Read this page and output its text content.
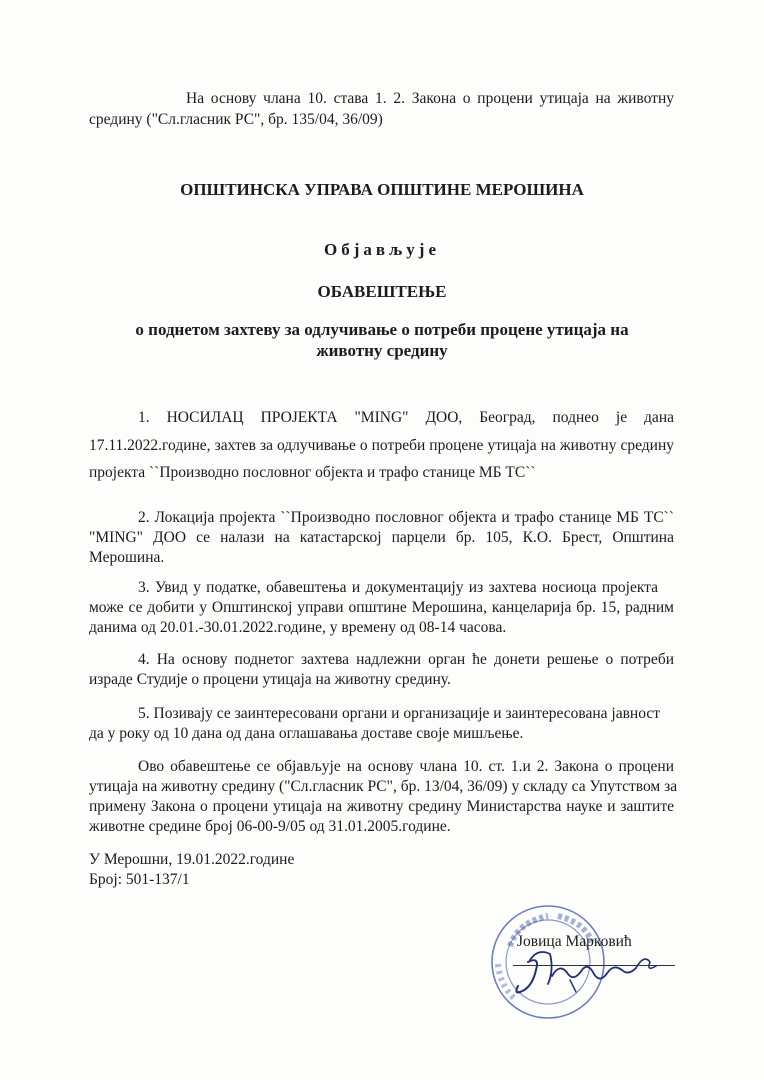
На основу члана 10. става 1. 2. Закона о процени утицаја на животну
средину ("Сл.гласник РС", бр. 135/04, 36/09)
ОПШТИНСКА УПРАВА ОПШТИНЕ МЕРОШИНА
Објављује
ОБАВЕШТЕЊЕ
о поднетом захтеву за одлучивање о потреби процене утицаја на
животну средину
1. НОСИЛАЦ ПРОЈЕКТА "MING" ДОО, Београд, поднео је дана
17.11.2022.године, захтев за одлучивање о потреби процене утицаја на животну средину
пројекта ``Производно пословног објекта и трафо станице МБ ТС``
2. Локација пројекта ``Производно пословног објекта и трафо станице МБ ТС``
"MING" ДОО се налази на катастарској парцели бр. 105, К.О. Брест, Општина
Мерошина.
3. Увид у податке, обавештења и документацију из захтева носиоца пројекта
може се добити у Општинској управи општине Мерошина, канцеларија бр. 15, радним
данима од 20.01.-30.01.2022.године, у времену од 08-14 часова.
4. На основу поднетог захтева надлежни орган ће донети решење о потреби
израде Студије о процени утицаја на животну средину.
5. Позивају се заинтересовани органи и организације и заинтересована јавност
да у року од 10 дана од дана оглашавања доставе своје мишљење.
Ово обавештење се објављује на основу члана 10. ст. 1.и 2. Закона о процени
утицаја на животну средину ("Сл.гласник РС", бр. 13/04, 36/09) у складу са Упутством за
примену Закона о процени утицаја на животну средину Министарства науке и заштите
животне средине број 06-00-9/05 од 31.01.2005.године.
У Мерошни, 19.01.2022.године
Број: 501-137/1
Јовица Марковић
